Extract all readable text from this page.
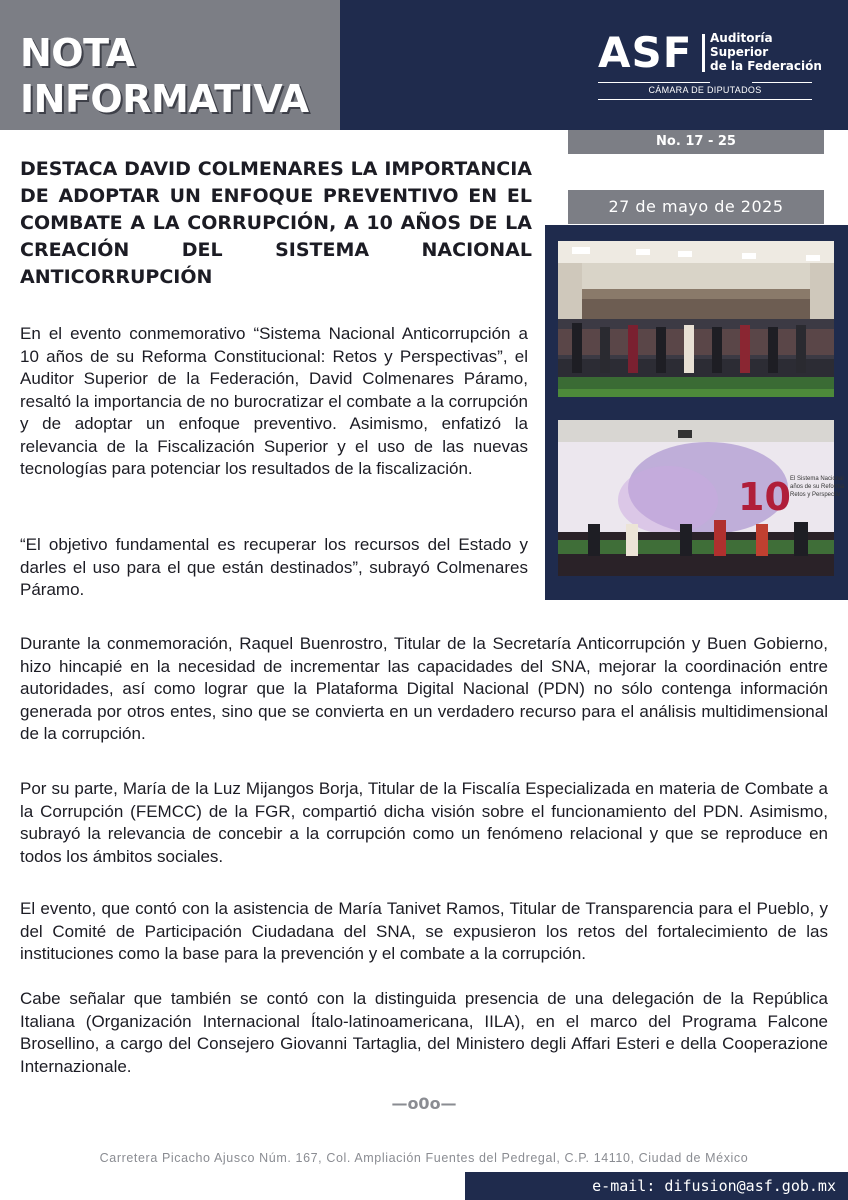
NOTA
INFORMATIVA
ASF Auditoría
Superior
de la Federación
CÁMARA DE DIPUTADOS
No. 17 - 25
27 de mayo de 2025
DESTACA DAVID COLMENARES LA IMPORTANCIA DE ADOPTAR UN ENFOQUE PREVENTIVO EN EL COMBATE A LA CORRUPCIÓN, A 10 AÑOS DE LA CREACIÓN DEL SISTEMA NACIONAL ANTICORRUPCIÓN
10 El Sistema Nacional
años de su Reforma
Retos y Perspectiv

En el evento conmemorativo “Sistema Nacional Anticorrupción a 10 años de su Reforma Constitucional: Retos y Perspectivas”, el Auditor Superior de la Federación, David Colmenares Páramo, resaltó la importancia de no burocratizar el combate a la corrupción y de adoptar un enfoque preventivo. Asimismo, enfatizó la relevancia de la Fiscalización Superior y el uso de las nuevas tecnologías para potenciar los resultados de la fiscalización.

“El objetivo fundamental es recuperar los recursos del Estado y darles el uso para el que están destinados”, subrayó Colmenares Páramo.

Durante la conmemoración, Raquel Buenrostro, Titular de la Secretaría Anticorrupción y Buen Gobierno, hizo hincapié en la necesidad de incrementar las capacidades del SNA, mejorar la coordinación entre autoridades, así como lograr que la Plataforma Digital Nacional (PDN) no sólo contenga información generada por otros entes, sino que se convierta en un verdadero recurso para el análisis multidimensional de la corrupción.

Por su parte, María de la Luz Mijangos Borja, Titular de la Fiscalía Especializada en materia de Combate a la Corrupción (FEMCC) de la FGR, compartió dicha visión sobre el funcionamiento del PDN. Asimismo, subrayó la relevancia de concebir a la corrupción como un fenómeno relacional y que se reproduce en todos los ámbitos sociales.

El evento, que contó con la asistencia de María Tanivet Ramos, Titular de Transparencia para el Pueblo, y del Comité de Participación Ciudadana del SNA, se expusieron los retos del fortalecimiento de las instituciones como la base para la prevención y el combate a la corrupción.

Cabe señalar que también se contó con la distinguida presencia de una delegación de la República Italiana (Organización Internacional Ítalo-latinoamericana, IILA), en el marco del Programa Falcone Brosellino, a cargo del Consejero Giovanni Tartaglia, del Ministero degli Affari Esteri e della Cooperazione Internazionale.

—o0o—
Carretera Picacho Ajusco Núm. 167, Col. Ampliación Fuentes del Pedregal, C.P. 14110, Ciudad de México
e-mail: difusion@asf.gob.mx
